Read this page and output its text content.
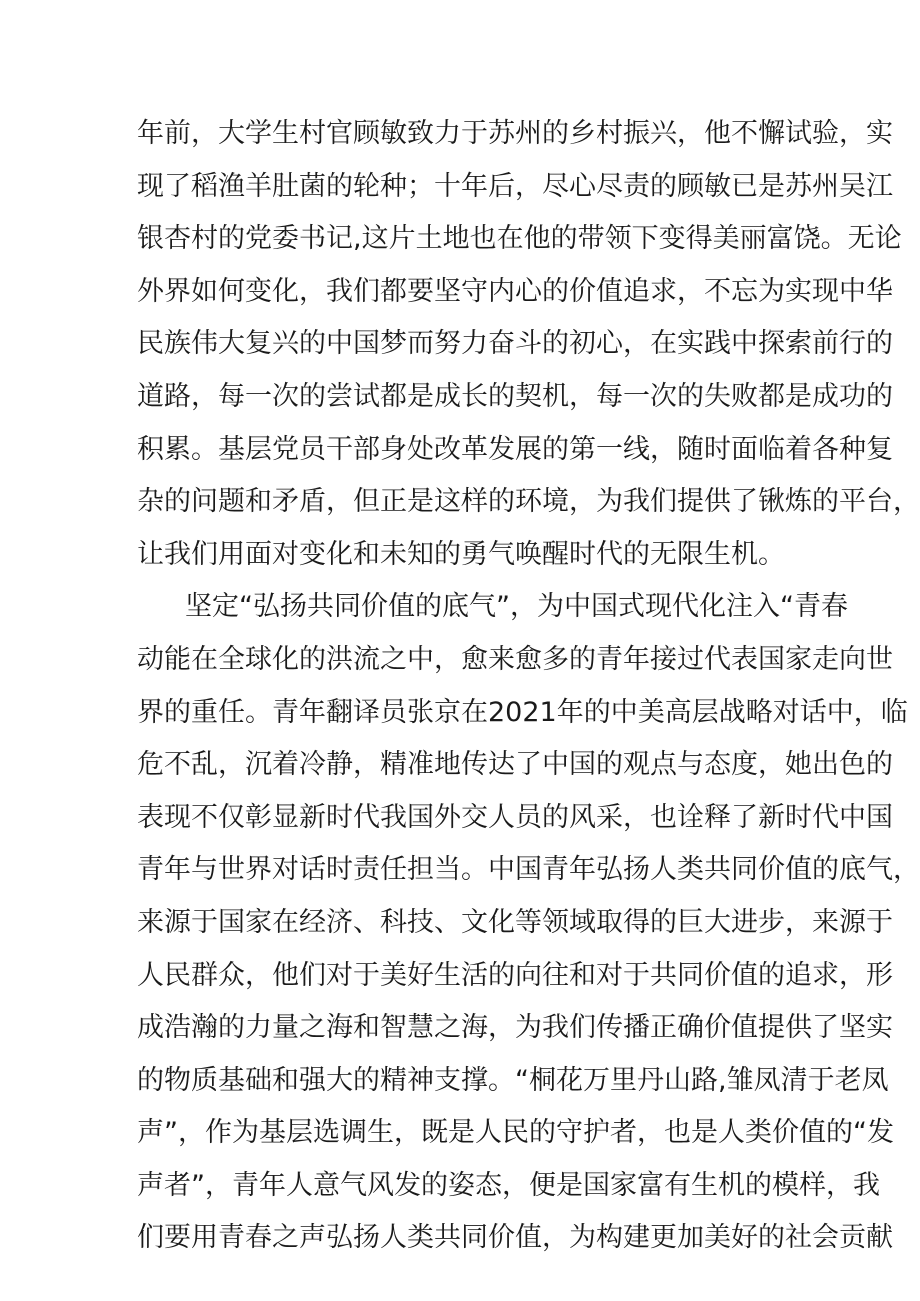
年前，大学生村官顾敏致力于苏州的乡村振兴，他不懈试验，实
现了稻渔羊肚菌的轮种；十年后，尽心尽责的顾敏已是苏州吴江
银杏村的党委书记,这片土地也在他的带领下变得美丽富饶。无论
外界如何变化，我们都要坚守内心的价值追求，不忘为实现中华
民族伟大复兴的中国梦而努力奋斗的初心，在实践中探索前行的
道路，每一次的尝试都是成长的契机，每一次的失败都是成功的
积累。基层党员干部身处改革发展的第一线，随时面临着各种复
杂的问题和矛盾，但正是这样的环境，为我们提供了锹炼的平台，
让我们用面对变化和未知的勇气唤醒时代的无限生机。
坚定“弘扬共同价值的底气”，为中国式现代化注入“青春
动能在全球化的洪流之中，愈来愈多的青年接过代表国家走向世
界的重任。青年翻译员张京在2021年的中美高层战略对话中，临
危不乱，沉着冷静，精准地传达了中国的观点与态度，她出色的
表现不仅彰显新时代我国外交人员的风采，也诠释了新时代中国
青年与世界对话时责任担当。中国青年弘扬人类共同价值的底气，
来源于国家在经济、科技、文化等领域取得的巨大进步，来源于
人民群众，他们对于美好生活的向往和对于共同价值的追求，形
成浩瀚的力量之海和智慧之海，为我们传播正确价值提供了坚实
的物质基础和强大的精神支撑。“桐花万里丹山路,雏凤清于老凤
声”，作为基层选调生，既是人民的守护者，也是人类价值的“发
声者”，青年人意气风发的姿态，便是国家富有生机的模样，我
们要用青春之声弘扬人类共同价值，为构建更加美好的社会贡献
